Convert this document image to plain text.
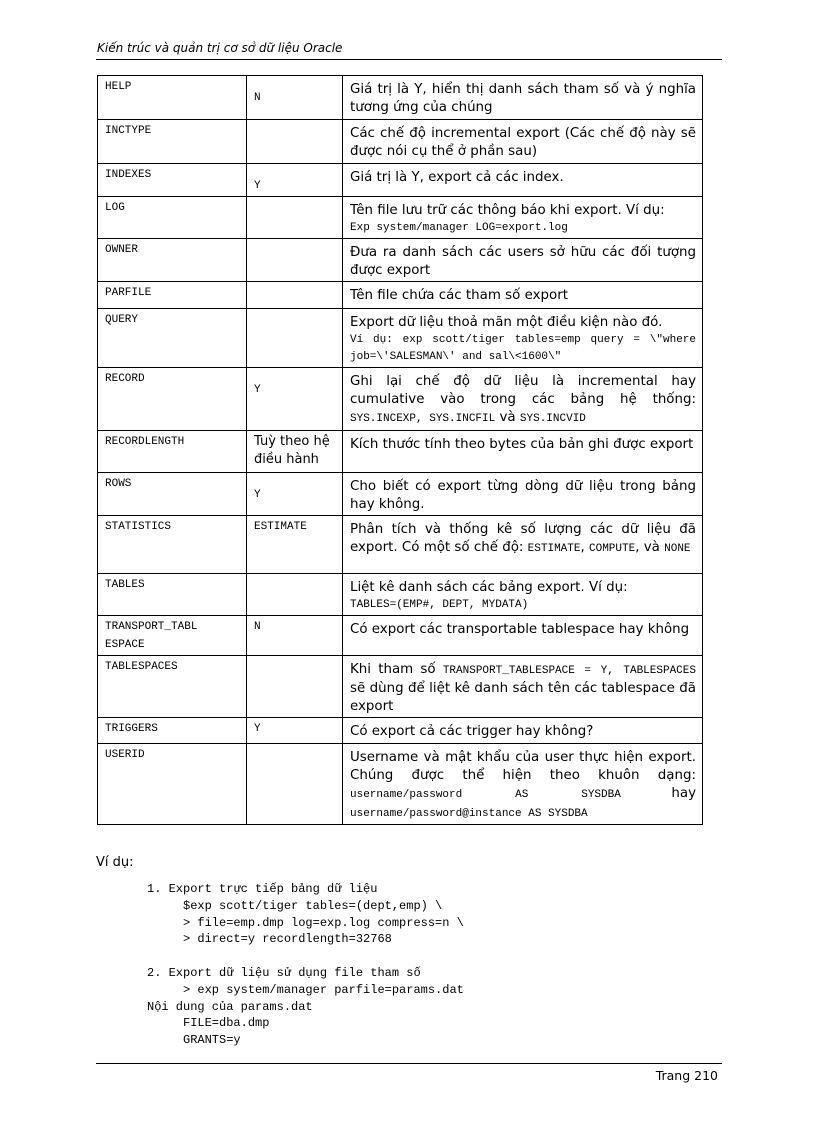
Kiến trúc và quản trị cơ sở dữ liệu Oracle
HELP	N	Giá trị là Y, hiển thị danh sách tham số và ý nghĩa tương ứng của chúng
INCTYPE		Các chế độ incremental export (Các chế độ này sẽ được nói cụ thể ở phần sau)
INDEXES	Y	Giá trị là Y, export cả các index.
LOG		Tên file lưu trữ các thông báo khi export. Ví dụ:
Exp system/manager LOG=export.log

OWNER		Đưa ra danh sách các users sở hữu các đối tượng được export
PARFILE		Tên file chứa các tham số export
QUERY		Export dữ liệu thoả mãn một điều kiện nào đó.
Ví dụ: exp scott/tiger tables=emp query = \"where job=\'SALESMAN\' and sal\<1600\"

RECORD	Y	Ghi lại chế độ dữ liệu là incremental hay cumulative vào trong các bảng hệ thống: SYS.INCEXP, SYS.INCFIL và SYS.INCVID
RECORDLENGTH	Tuỳ theo hệ điều hành	Kích thước tính theo bytes của bản ghi được export
ROWS	Y	Cho biết có export từng dòng dữ liệu trong bảng hay không.
STATISTICS	ESTIMATE	Phân tích và thống kê số lượng các dữ liệu đã export. Có một số chế độ: ESTIMATE, COMPUTE, và NONE
TABLES		Liệt kê danh sách các bảng export. Ví dụ:
TABLES=(EMP#, DEPT, MYDATA)

TRANSPORT_TABL ESPACE	N	Có export các transportable tablespace hay không
TABLESPACES		Khi tham số TRANSPORT_TABLESPACE = Y, TABLESPACES sẽ dùng để liệt kê danh sách tên các tablespace đã export
TRIGGERS	Y	Có export cả các trigger hay không?
USERID		Username và mật khẩu của user thực hiện export. Chúng được thể hiện theo khuôn dạng: username/password AS SYSDBA hay username/password@instance AS SYSDBA
Ví dụ:
1. Export trực tiếp bảng dữ liệu
$exp scott/tiger tables=(dept,emp) \
> file=emp.dmp log=exp.log compress=n \
> direct=y recordlength=32768

2. Export dữ liệu sử dụng file tham số
> exp system/manager parfile=params.dat
Nội dung của params.dat
FILE=dba.dmp
GRANTS=y

Trang 210
